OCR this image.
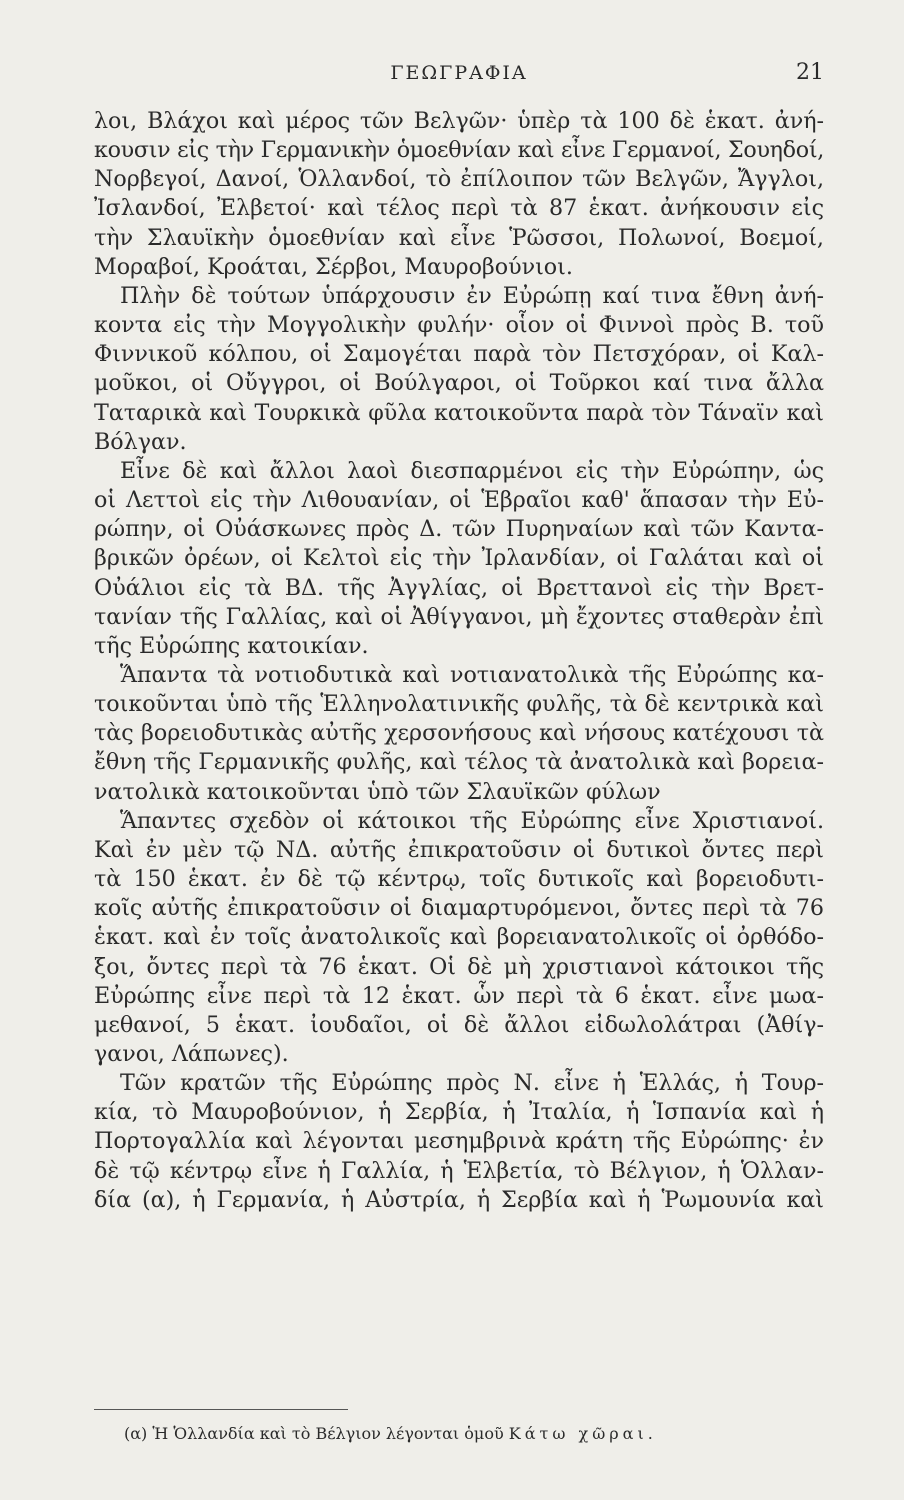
ΓΕΩΓΡΑΦΙΑ	21
λοι, Βλάχοι καὶ μέρος τῶν Βελγῶν· ὑπὲρ τὰ 100 δὲ ἑκατ. ἀνή-
κουσιν εἰς τὴν Γερμανικὴν ὁμοεθνίαν καὶ εἶνε Γερμανοί, Σουηδοί,
Νορβεγοί, Δανοί, Ὁλλανδοί, τὸ ἐπίλοιπον τῶν Βελγῶν, Ἄγγλοι,
Ἰσλανδοί, Ἐλβετοί· καὶ τέλος περὶ τὰ 87 ἑκατ. ἀνήκουσιν εἰς
τὴν Σλαυϊκὴν ὁμοεθνίαν καὶ εἶνε Ῥῶσσοι, Πολωνοί, Βοεμοί,
Μοραβοί, Κροάται, Σέρβοι, Μαυροβούνιοι.
Πλὴν δὲ τούτων ὑπάρχουσιν ἐν Εὐρώπῃ καί τινα ἔθνη ἀνή-
κοντα εἰς τὴν Μογγολικὴν φυλήν· οἷον οἱ Φιννοὶ πρὸς Β. τοῦ
Φιννικοῦ κόλπου, οἱ Σαμογέται παρὰ τὸν Πετσχόραν, οἱ Καλ-
μοῦκοι, οἱ Οὔγγροι, οἱ Βούλγαροι, οἱ Τοῦρκοι καί τινα ἄλλα
Ταταρικὰ καὶ Τουρκικὰ φῦλα κατοικοῦντα παρὰ τὸν Τάναϊν καὶ
Βόλγαν.
Εἶνε δὲ καὶ ἄλλοι λαοὶ διεσπαρμένοι εἰς τὴν Εὐρώπην, ὡς
οἱ Λεττοὶ εἰς τὴν Λιθουανίαν, οἱ Ἑβραῖοι καθ' ἅπασαν τὴν Εὐ-
ρώπην, οἱ Οὐάσκωνες πρὸς Δ. τῶν Πυρηναίων καὶ τῶν Καντα-
βρικῶν ὀρέων, οἱ Κελτοὶ εἰς τὴν Ἰρλανδίαν, οἱ Γαλάται καὶ οἱ
Οὐάλιοι εἰς τὰ ΒΔ. τῆς Ἀγγλίας, οἱ Βρεττανοὶ εἰς τὴν Βρετ-
τανίαν τῆς Γαλλίας, καὶ οἱ Ἀθίγγανοι, μὴ ἔχοντες σταθερὰν ἐπὶ
τῆς Εὐρώπης κατοικίαν.
Ἅπαντα τὰ νοτιοδυτικὰ καὶ νοτιανατολικὰ τῆς Εὐρώπης κα-
τοικοῦνται ὑπὸ τῆς Ἑλληνολατινικῆς φυλῆς, τὰ δὲ κεντρικὰ καὶ
τὰς βορειοδυτικὰς αὐτῆς χερσονήσους καὶ νήσους κατέχουσι τὰ
ἔθνη τῆς Γερμανικῆς φυλῆς, καὶ τέλος τὰ ἀνατολικὰ καὶ βορεια-
νατολικὰ κατοικοῦνται ὑπὸ τῶν Σλαυϊκῶν φύλων
Ἅπαντες σχεδὸν οἱ κάτοικοι τῆς Εὐρώπης εἶνε Χριστιανοί.
Καὶ ἐν μὲν τῷ ΝΔ. αὐτῆς ἐπικρατοῦσιν οἱ δυτικοὶ ὄντες περὶ
τὰ 150 ἑκατ. ἐν δὲ τῷ κέντρῳ, τοῖς δυτικοῖς καὶ βορειοδυτι-
κοῖς αὐτῆς ἐπικρατοῦσιν οἱ διαμαρτυρόμενοι, ὄντες περὶ τὰ 76
ἑκατ. καὶ ἐν τοῖς ἀνατολικοῖς καὶ βορειανατολικοῖς οἱ ὀρθόδο-
ξοι, ὄντες περὶ τὰ 76 ἑκατ. Οἱ δὲ μὴ χριστιανοὶ κάτοικοι τῆς
Εὐρώπης εἶνε περὶ τὰ 12 ἑκατ. ὧν περὶ τὰ 6 ἑκατ. εἶνε μωα-
μεθανοί, 5 ἑκατ. ἰουδαῖοι, οἱ δὲ ἄλλοι εἰδωλολάτραι (Ἀθίγ-
γανοι, Λάπωνες).
Τῶν κρατῶν τῆς Εὐρώπης πρὸς Ν. εἶνε ἡ Ἑλλάς, ἡ Τουρ-
κία, τὸ Μαυροβούνιον, ἡ Σερβία, ἡ Ἰταλία, ἡ Ἱσπανία καὶ ἡ
Πορτογαλλία καὶ λέγονται μεσημβρινὰ κράτη τῆς Εὐρώπης· ἐν
δὲ τῷ κέντρῳ εἶνε ἡ Γαλλία, ἡ Ἑλβετία, τὸ Βέλγιον, ἡ Ὁλλαν-
δία (α), ἡ Γερμανία, ἡ Αὐστρία, ἡ Σερβία καὶ ἡ Ῥωμουνία καὶ
(α) Ἡ Ὁλλανδία καὶ τὸ Βέλγιον λέγονται ὁμοῦ Κάτω χῶραι.
